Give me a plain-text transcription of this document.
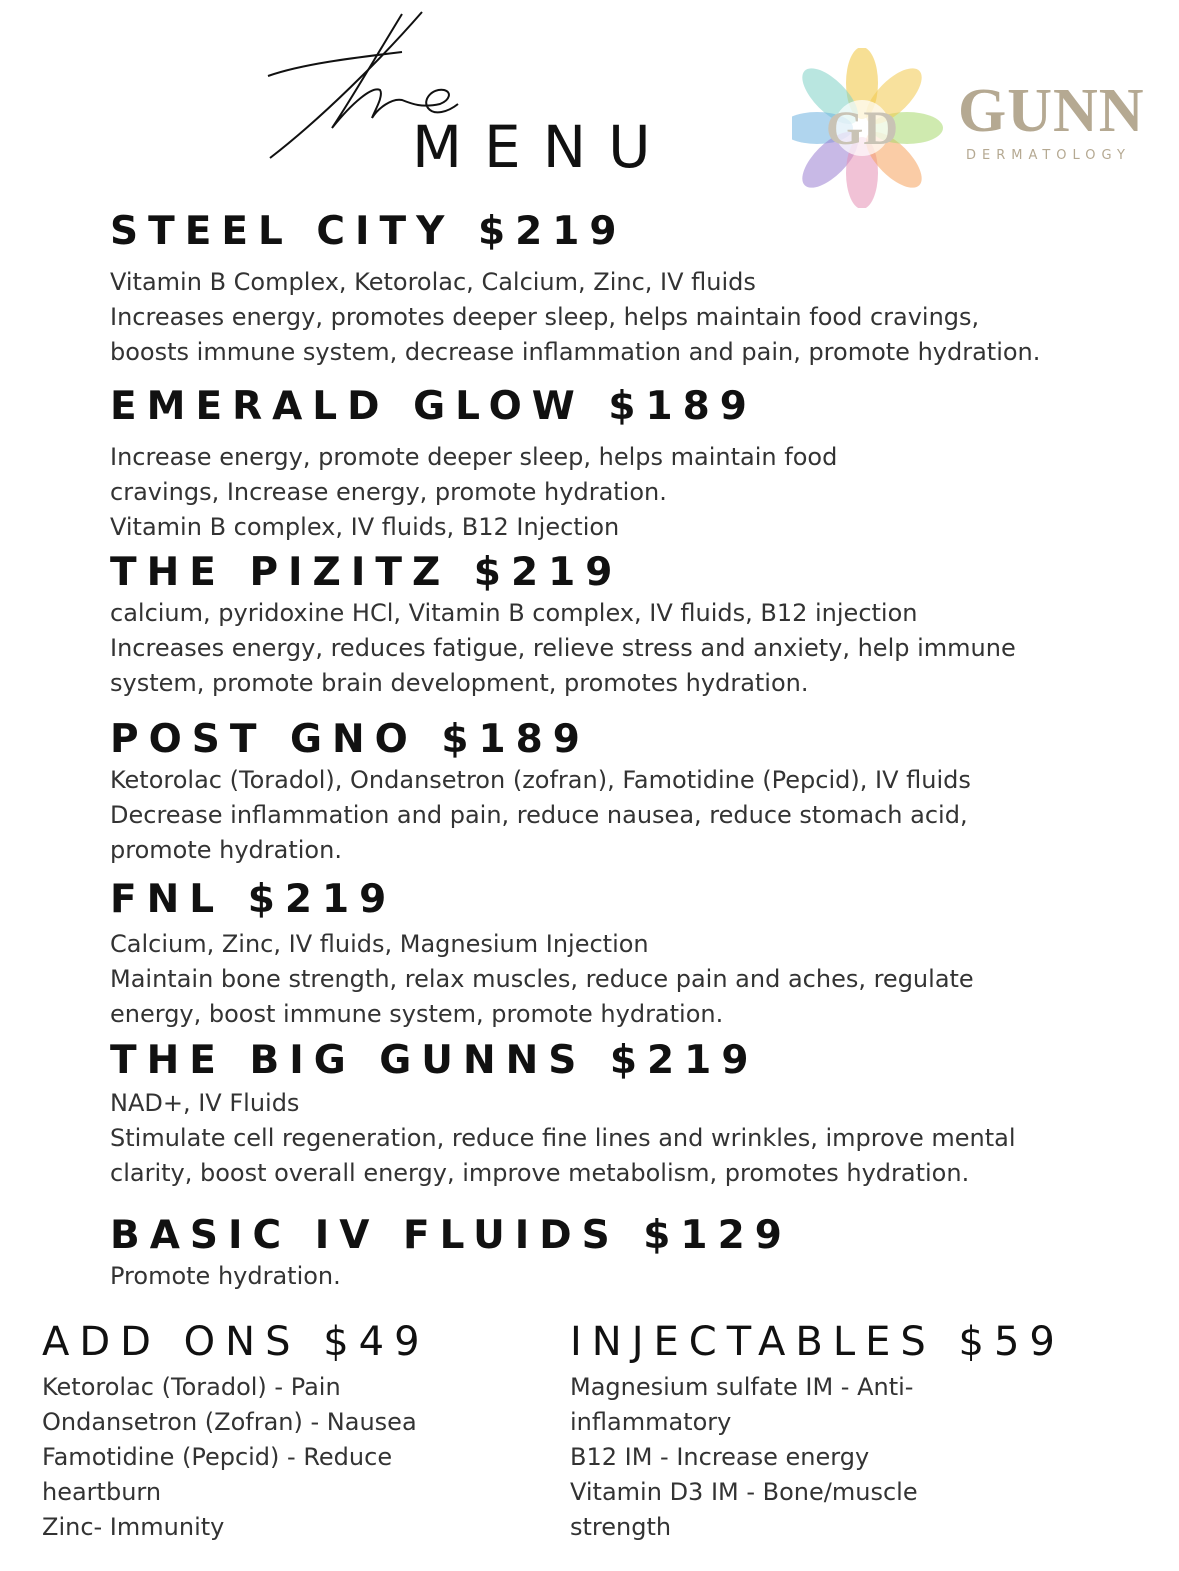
MENU	GD GUNN
DERMATOLOGY
STEEL CITY $219
Vitamin B Complex, Ketorolac, Calcium, Zinc, IV fluids
Increases energy, promotes deeper sleep, helps maintain food cravings,
boosts immune system, decrease inflammation and pain, promote hydration.
EMERALD GLOW $189
Increase energy, promote deeper sleep, helps maintain food
cravings, Increase energy, promote hydration.
Vitamin B complex, IV fluids, B12 Injection
THE PIZITZ $219
calcium, pyridoxine HCl, Vitamin B complex, IV fluids, B12 injection
Increases energy, reduces fatigue, relieve stress and anxiety, help immune
system, promote brain development, promotes hydration.
POST GNO $189
Ketorolac (Toradol), Ondansetron (zofran), Famotidine (Pepcid), IV fluids
Decrease inflammation and pain, reduce nausea, reduce stomach acid,
promote hydration.
FNL $219
Calcium, Zinc, IV fluids, Magnesium Injection
Maintain bone strength, relax muscles, reduce pain and aches, regulate
energy, boost immune system, promote hydration.
THE BIG GUNNS $219
NAD+, IV Fluids
Stimulate cell regeneration, reduce fine lines and wrinkles, improve mental
clarity, boost overall energy, improve metabolism, promotes hydration.
BASIC IV FLUIDS $129
Promote hydration.
ADD ONS $49
Ketorolac (Toradol) - Pain
Ondansetron (Zofran) - Nausea
Famotidine (Pepcid) - Reduce
heartburn
Zinc- Immunity
INJECTABLES $59
Magnesium sulfate IM - Anti-
inflammatory
B12 IM - Increase energy
Vitamin D3 IM - Bone/muscle
strength
